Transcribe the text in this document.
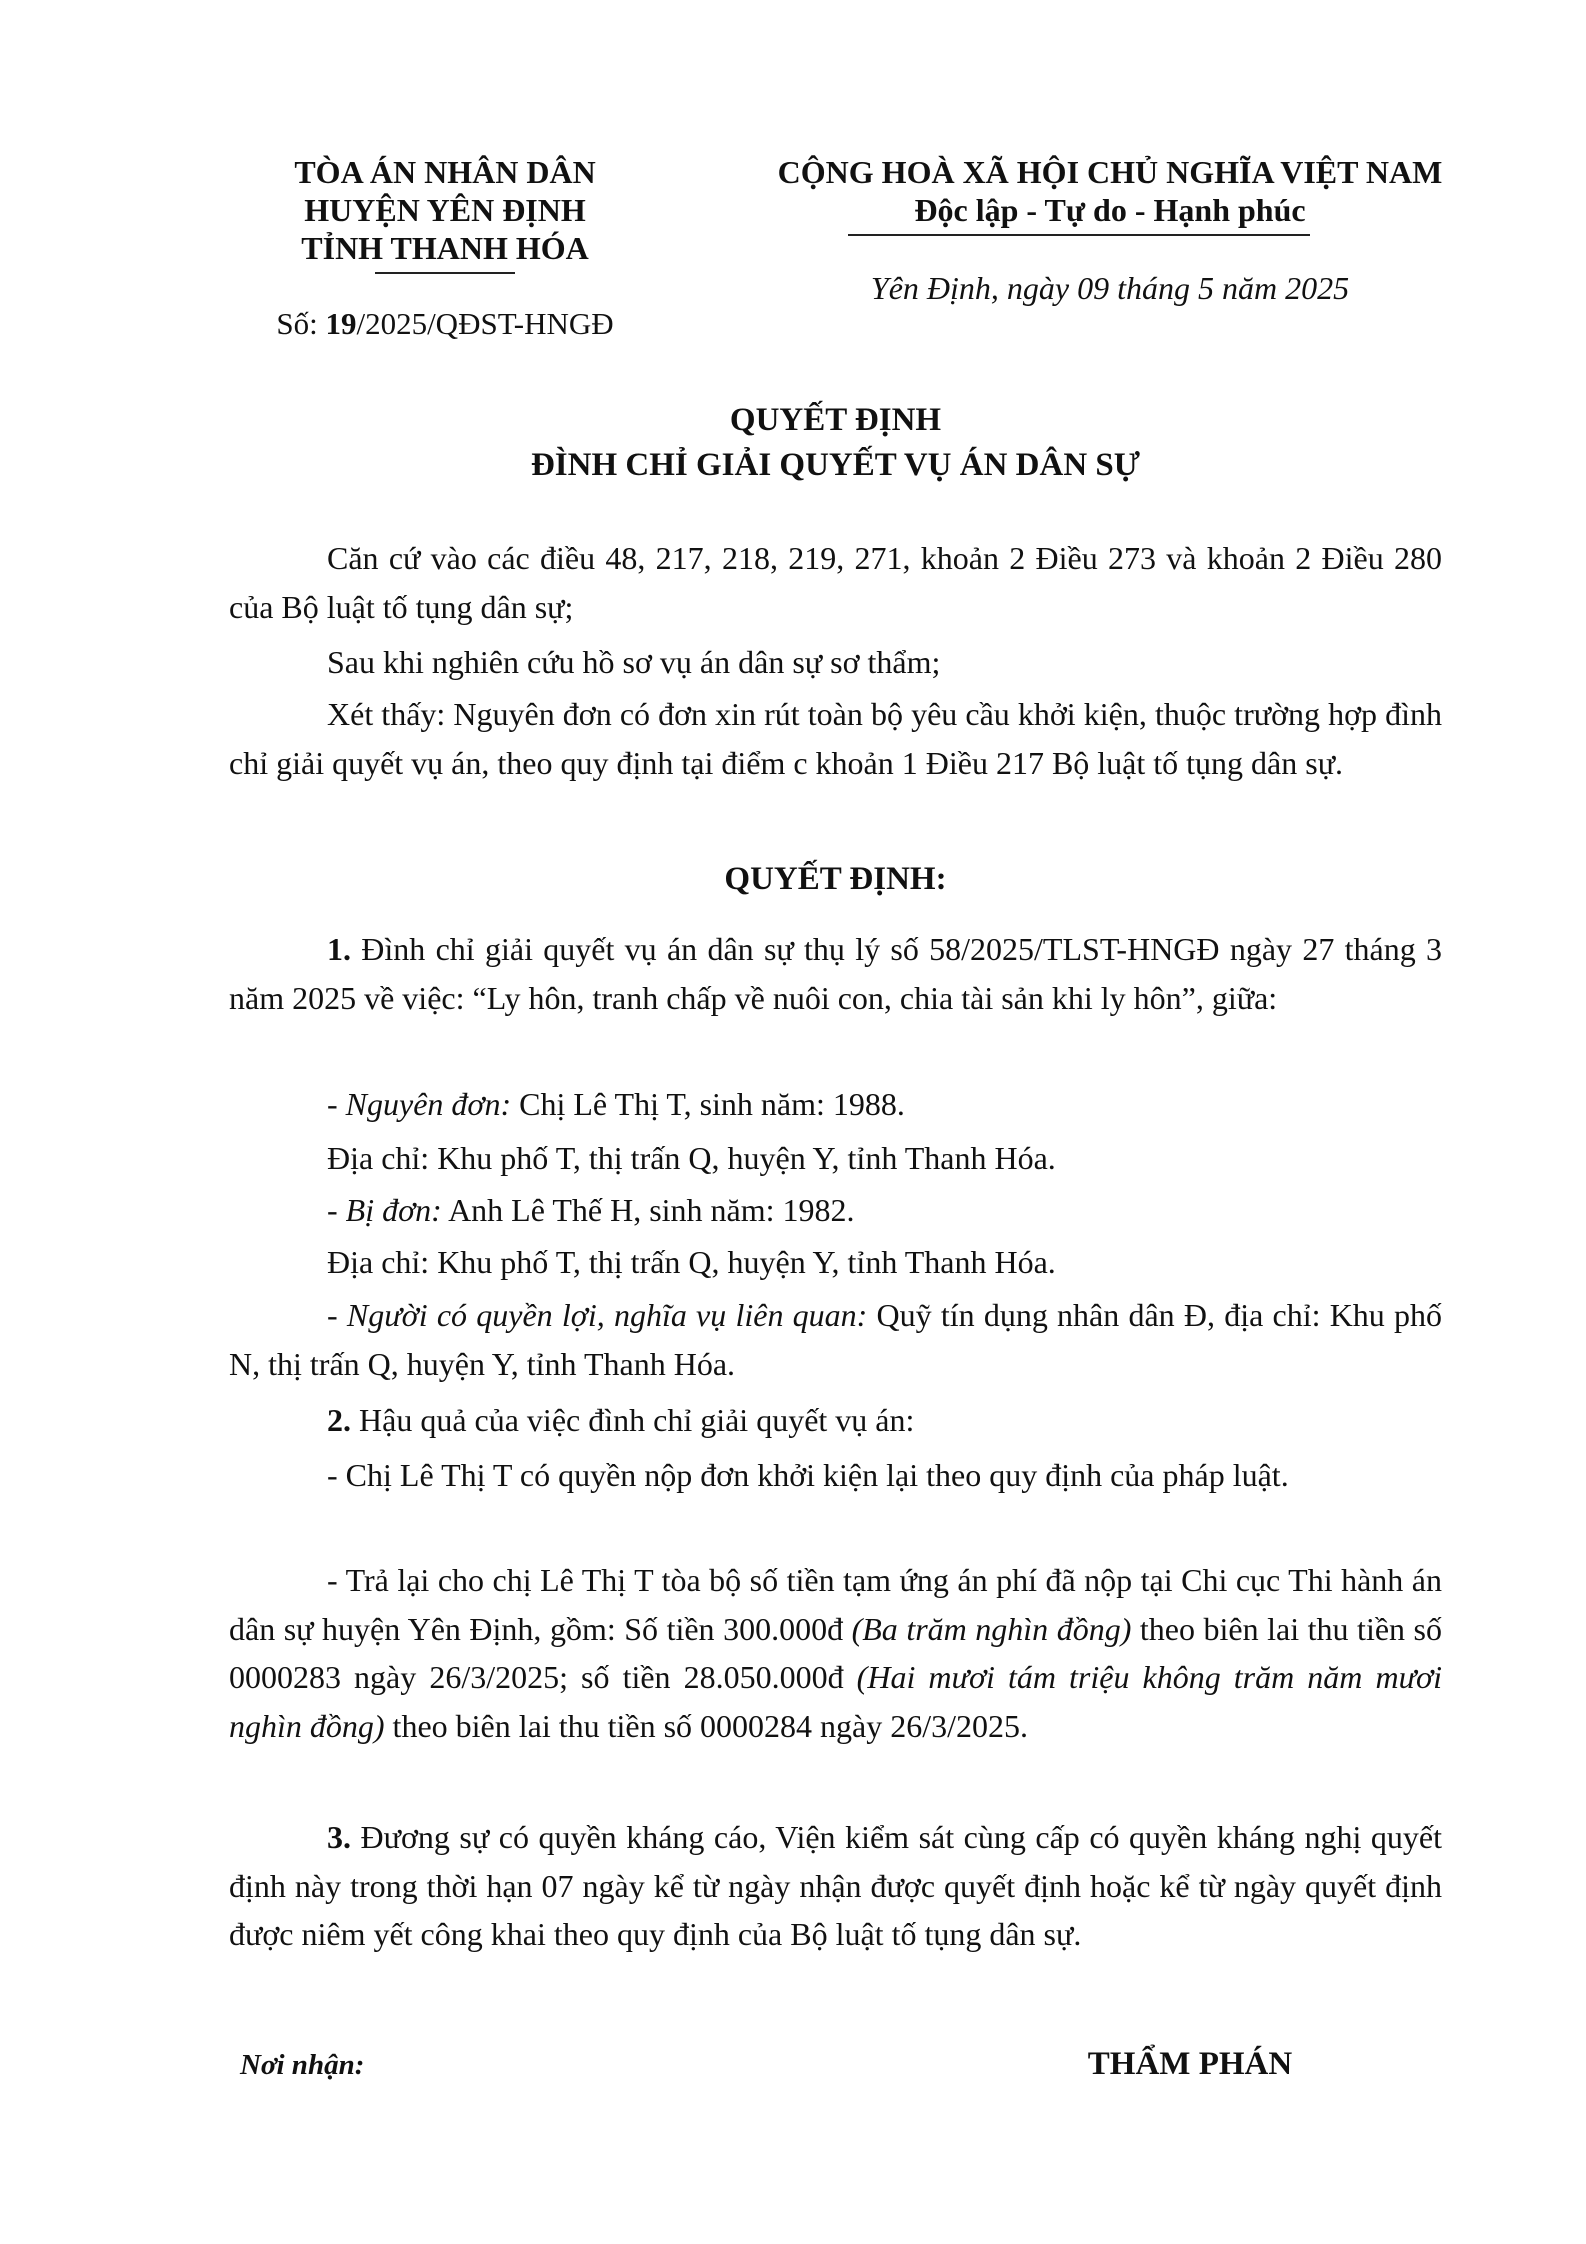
TÒA ÁN NHÂN DÂN
HUYỆN YÊN ĐỊNH
TỈNH THANH HÓA
Số: 19/2025/QĐST-HNGĐ
CỘNG HOÀ XÃ HỘI CHỦ NGHĨA VIỆT NAM
Độc lập - Tự do - Hạnh phúc
Yên Định, ngày 09 tháng 5 năm 2025
QUYẾT ĐỊNH
ĐÌNH CHỈ GIẢI QUYẾT VỤ ÁN DÂN SỰ
Căn cứ vào các điều 48, 217, 218, 219, 271, khoản 2 Điều 273 và khoản 2 Điều 280 của Bộ luật tố tụng dân sự;
Sau khi nghiên cứu hồ sơ vụ án dân sự sơ thẩm;
Xét thấy: Nguyên đơn có đơn xin rút toàn bộ yêu cầu khởi kiện, thuộc trường hợp đình chỉ giải quyết vụ án, theo quy định tại điểm c khoản 1 Điều 217 Bộ luật tố tụng dân sự.
QUYẾT ĐỊNH:
1. Đình chỉ giải quyết vụ án dân sự thụ lý số 58/2025/TLST-HNGĐ ngày 27 tháng 3 năm 2025 về việc: “Ly hôn, tranh chấp về nuôi con, chia tài sản khi ly hôn”, giữa:
- Nguyên đơn: Chị Lê Thị T, sinh năm: 1988.
Địa chỉ: Khu phố T, thị trấn Q, huyện Y, tỉnh Thanh Hóa.
- Bị đơn: Anh Lê Thế H, sinh năm: 1982.
Địa chỉ: Khu phố T, thị trấn Q, huyện Y, tỉnh Thanh Hóa.
- Người có quyền lợi, nghĩa vụ liên quan: Quỹ tín dụng nhân dân Đ, địa chỉ: Khu phố N, thị trấn Q, huyện Y, tỉnh Thanh Hóa.
2. Hậu quả của việc đình chỉ giải quyết vụ án:
- Chị Lê Thị T có quyền nộp đơn khởi kiện lại theo quy định của pháp luật.
- Trả lại cho chị Lê Thị T tòa bộ số tiền tạm ứng án phí đã nộp tại Chi cục Thi hành án dân sự huyện Yên Định, gồm: Số tiền 300.000đ (Ba trăm nghìn đồng) theo biên lai thu tiền số 0000283 ngày 26/3/2025; số tiền 28.050.000đ (Hai mươi tám triệu không trăm năm mươi nghìn đồng) theo biên lai thu tiền số 0000284 ngày 26/3/2025.
3. Đương sự có quyền kháng cáo, Viện kiểm sát cùng cấp có quyền kháng nghị quyết định này trong thời hạn 07 ngày kể từ ngày nhận được quyết định hoặc kể từ ngày quyết định được niêm yết công khai theo quy định của Bộ luật tố tụng dân sự.
Nơi nhận:	THẨM PHÁN
